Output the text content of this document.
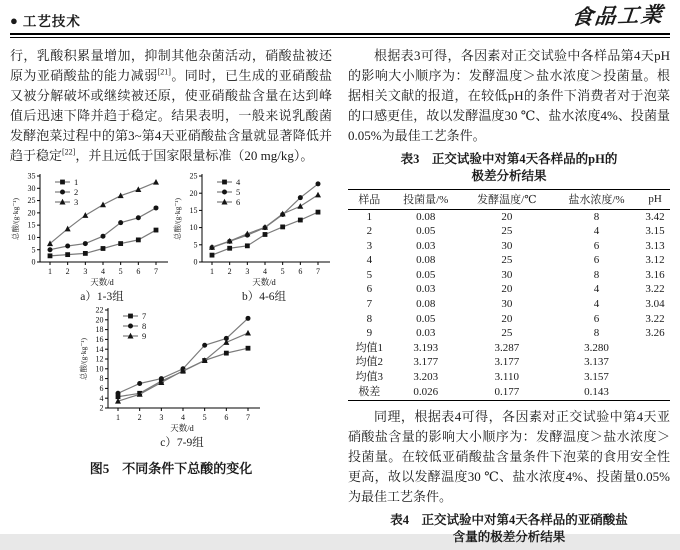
● 工艺技术	食品工業

行，乳酸积累量增加，抑制其他杂菌活动，硝酸盐被还原为亚硝酸盐的能力减弱[21]。同时，已生成的亚硝酸盐又被分解破坏或继续被还原，使亚硝酸盐含量在达到峰值后迅速下降并趋于稳定。结果表明，一般来说乳酸菌发酵泡菜过程中的第3~第4天亚硝酸盐含量就显著降低并趋于稳定[22]，并且远低于国家限量标准（20 mg/kg）。

0
5
10
15
20
25
30
35
1 2 3 4 5 6 7
天数/d
总酸/(g·kg⁻¹)
1
2
3
a）1-3组
0
5
10
15
20
25
1 2 3 4 5 6 7
天数/d
总酸/(g·kg⁻¹)
4
5
6
b）4-6组
2
4
6
8
10
12
14
16
18
20
22
1 2 3 4 5 6 7
天数/d
总酸/(g·kg⁻¹)
7
8
9
c）7-9组
图5　不同条件下总酸的变化

根据表3可得，各因素对正交试验中各样品第4天pH的影响大小顺序为：发酵温度＞盐水浓度＞投菌量。根据相关文献的报道，在较低pH的条件下消费者对于泡菜的口感更佳，故以发酵温度30 ℃、盐水浓度4%、投菌量0.05%为最佳工艺条件。

表3　正交试验中对第4天各样品的pH的
极差分析结果
样品	投菌量/%	发酵温度/℃	盐水浓度/%	pH
1	0.08	20	8	3.42
2	0.05	25	4	3.15
3	0.03	30	6	3.13
4	0.08	25	6	3.12
5	0.05	30	8	3.16
6	0.03	20	4	3.22
7	0.08	30	4	3.04
8	0.05	20	6	3.22
9	0.03	25	8	3.26
均值1	3.193	3.287	3.280	
均值2	3.177	3.177	3.137	
均值3	3.203	3.110	3.157	
极差	0.026	0.177	0.143	

同理，根据表4可得，各因素对正交试验中第4天亚硝酸盐含量的影响大小顺序为：发酵温度＞盐水浓度＞投菌量。在较低亚硝酸盐含量条件下泡菜的食用安全性更高，故以发酵温度30 ℃、盐水浓度4%、投菌量0.05%为最佳工艺条件。

表4　正交试验中对第4天各样品的亚硝酸盐
含量的极差分析结果
